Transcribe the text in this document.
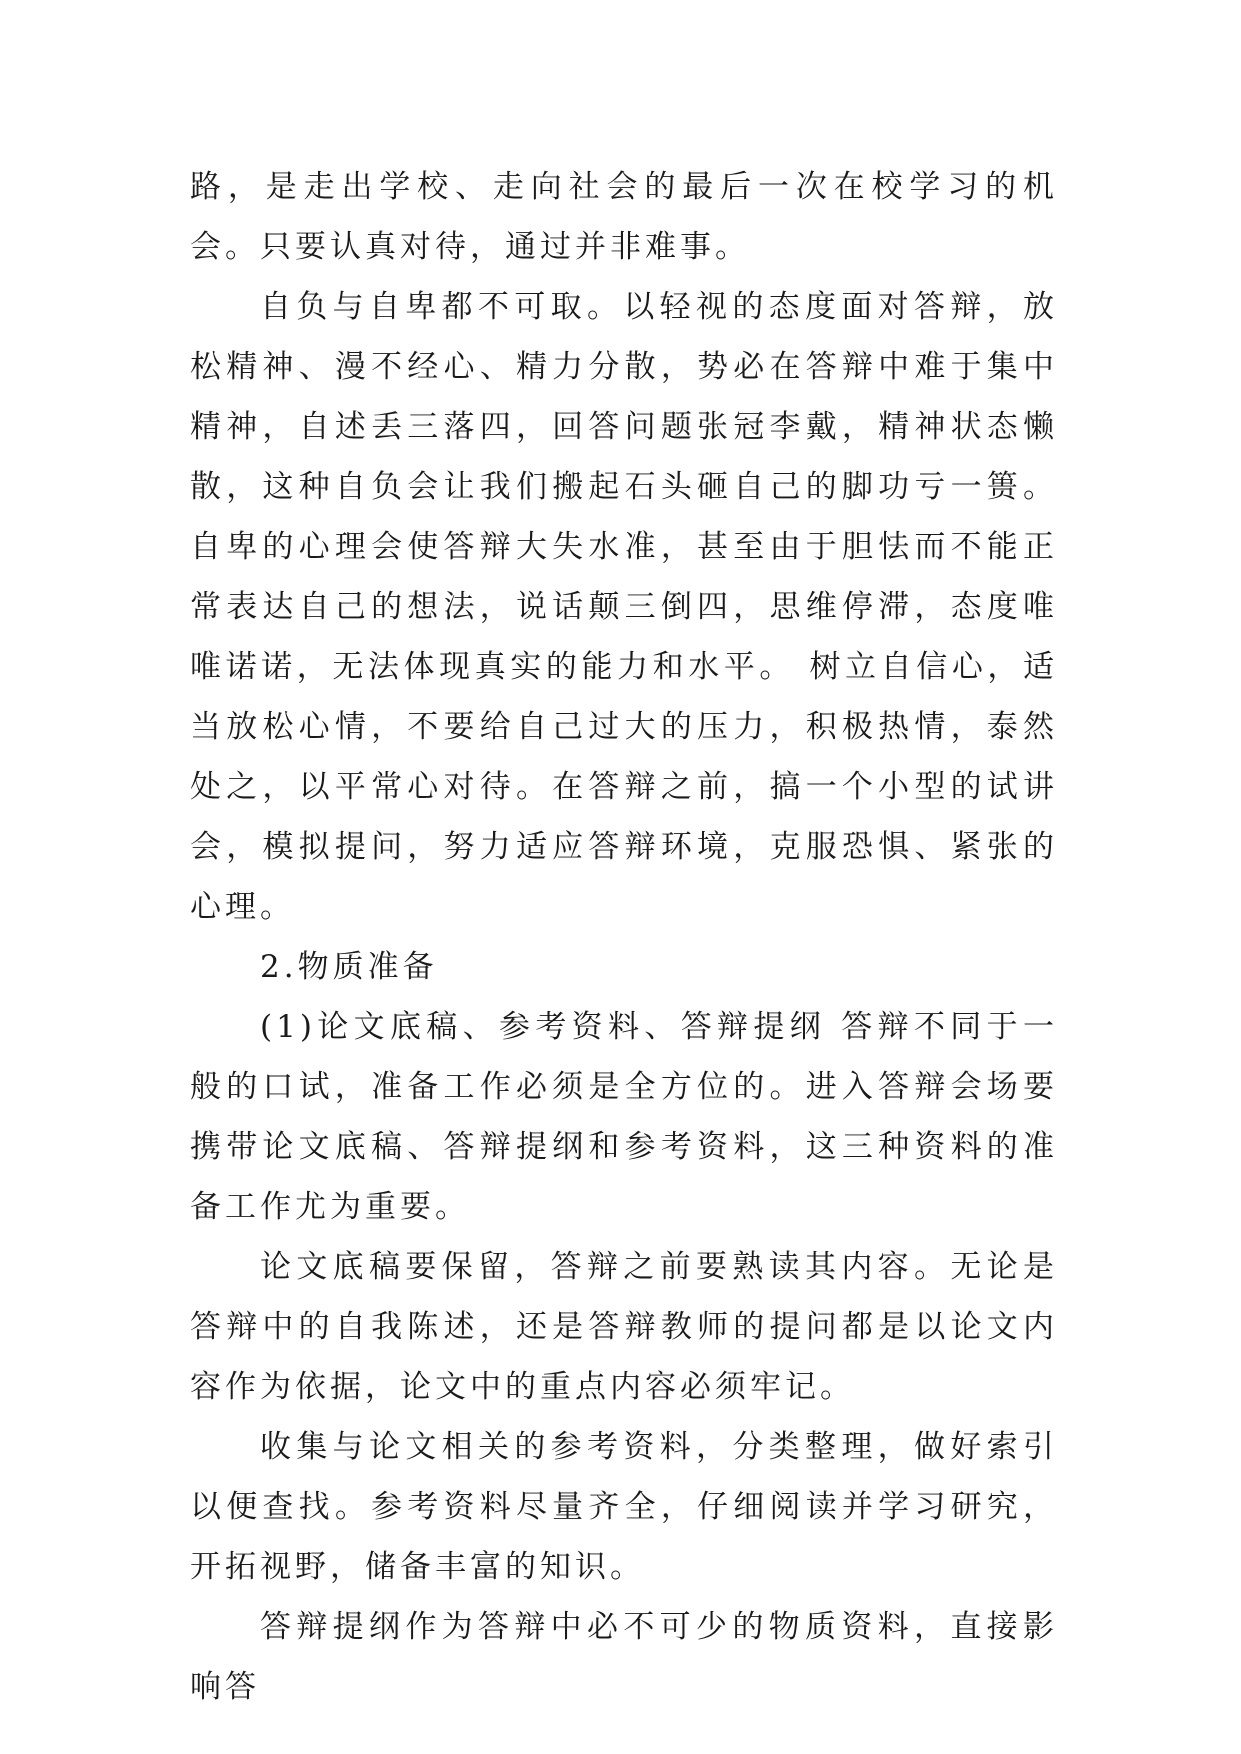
路，是走出学校、走向社会的最后一次在校学习的机会。只要认真对待，通过并非难事。

自负与自卑都不可取。以轻视的态度面对答辩，放松精神、漫不经心、精力分散，势必在答辩中难于集中精神，自述丢三落四，回答问题张冠李戴，精神状态懒散，这种自负会让我们搬起石头砸自己的脚功亏一篑。自卑的心理会使答辩大失水准，甚至由于胆怯而不能正常表达自己的想法，说话颠三倒四，思维停滞，态度唯唯诺诺，无法体现真实的能力和水平。 树立自信心，适当放松心情，不要给自己过大的压力，积极热情，泰然处之，以平常心对待。在答辩之前，搞一个小型的试讲会，模拟提问，努力适应答辩环境，克服恐惧、紧张的心理。

2.物质准备

(1)论文底稿、参考资料、答辩提纲 答辩不同于一般的口试，准备工作必须是全方位的。进入答辩会场要携带论文底稿、答辩提纲和参考资料，这三种资料的准备工作尤为重要。

论文底稿要保留，答辩之前要熟读其内容。无论是答辩中的自我陈述，还是答辩教师的提问都是以论文内容作为依据，论文中的重点内容必须牢记。

收集与论文相关的参考资料，分类整理，做好索引以便查找。参考资料尽量齐全，仔细阅读并学习研究，开拓视野，储备丰富的知识。

答辩提纲作为答辩中必不可少的物质资料，直接影响答
